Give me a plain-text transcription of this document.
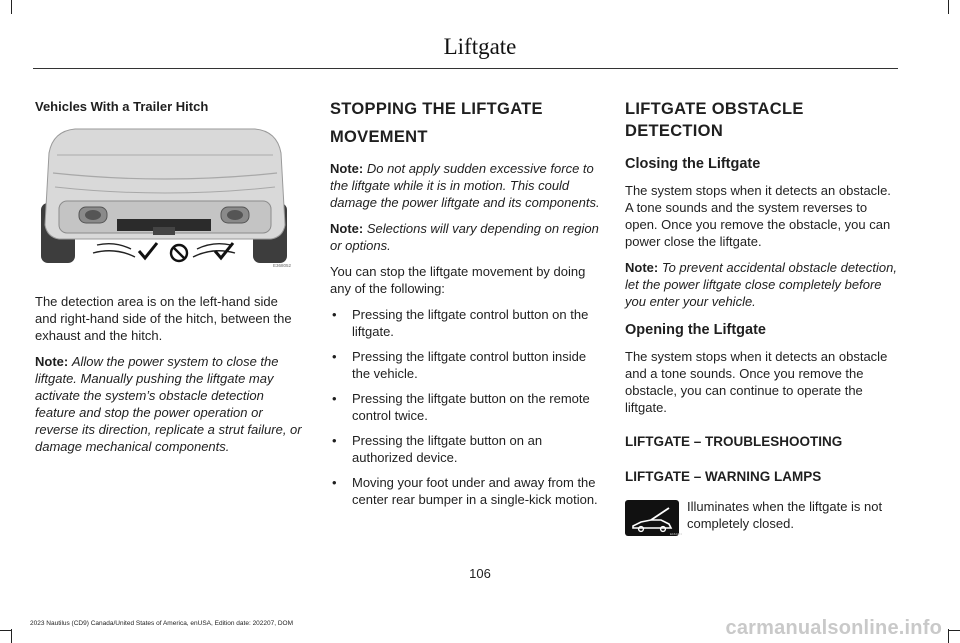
Liftgate
Vehicles With a Trailer Hitch
E368052

The detection area is on the left-hand side and right-hand side of the hitch, between the exhaust and the hitch.

Note: Allow the power system to close the liftgate. Manually pushing the liftgate may activate the system’s obstacle detection feature and stop the power operation or reverse its direction, replicate a strut failure, or damage mechanical components.

STOPPING THE LIFTGATE
MOVEMENT

Note: Do not apply sudden excessive force to the liftgate while it is in motion. This could damage the power liftgate and its components.

Note: Selections will vary depending on region or options.

You can stop the liftgate movement by doing any of the following:

• Pressing the liftgate control button on the liftgate.
• Pressing the liftgate control button inside the vehicle.
• Pressing the liftgate button on the remote control twice.
• Pressing the liftgate button on an authorized device.
• Moving your foot under and away from the center rear bumper in a single-kick motion.
LIFTGATE OBSTACLE DETECTION
Closing the Liftgate

The system stops when it detects an obstacle. A tone sounds and the system reverses to open. Once you remove the obstacle, you can power close the liftgate.

Note: To prevent accidental obstacle detection, let the power liftgate close completely before you enter your vehicle.

Opening the Liftgate

The system stops when it detects an obstacle and a tone sounds. Once you remove the obstacle, you can continue to operate the liftgate.

LIFTGATE – TROUBLESHOOTING
LIFTGATE – WARNING LAMPS
E162453
Illuminates when the liftgate is not completely closed.
106
2023 Nautilus (CD9) Canada/United States of America, enUSA, Edition date: 202207, DOM	carmanualsonline.info
